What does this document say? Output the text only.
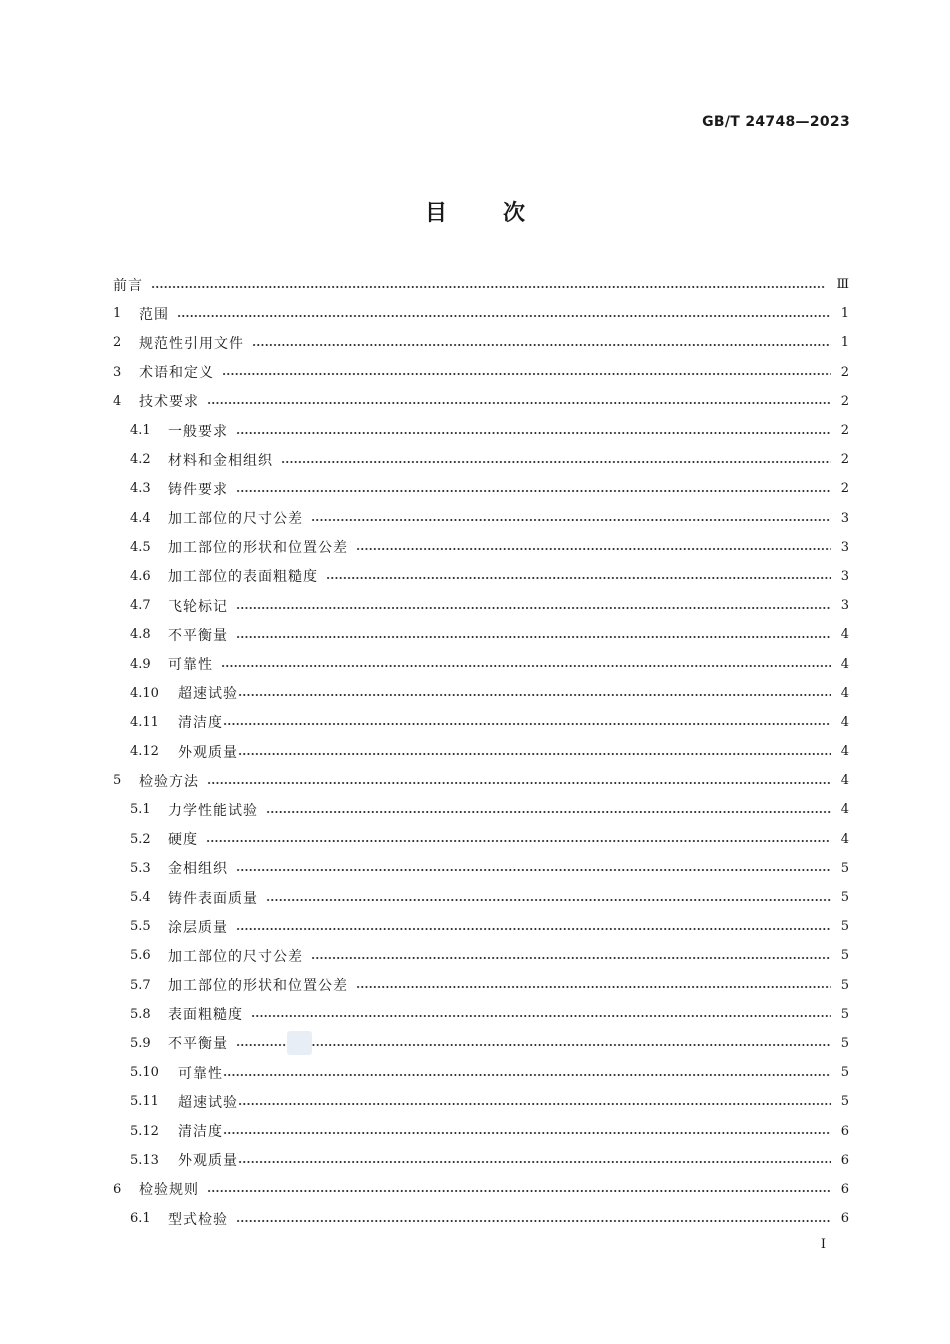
GB/T 24748—2023
目次
前言	Ⅲ
1	范围	1
2	规范性引用文件	1
3	术语和定义	2
4	技术要求	2
4.1	一般要求	2
4.2	材料和金相组织	2
4.3	铸件要求	2
4.4	加工部位的尺寸公差	3
4.5	加工部位的形状和位置公差	3
4.6	加工部位的表面粗糙度	3
4.7	飞轮标记	3
4.8	不平衡量	4
4.9	可靠性	4
4.10	超速试验	4
4.11	清洁度	4
4.12	外观质量	4
5	检验方法	4
5.1	力学性能试验	4
5.2	硬度	4
5.3	金相组织	5
5.4	铸件表面质量	5
5.5	涂层质量	5
5.6	加工部位的尺寸公差	5
5.7	加工部位的形状和位置公差	5
5.8	表面粗糙度	5
5.9	不平衡量	5
5.10	可靠性	5
5.11	超速试验	5
5.12	清洁度	6
5.13	外观质量	6
6	检验规则	6
6.1	型式检验	6
I
